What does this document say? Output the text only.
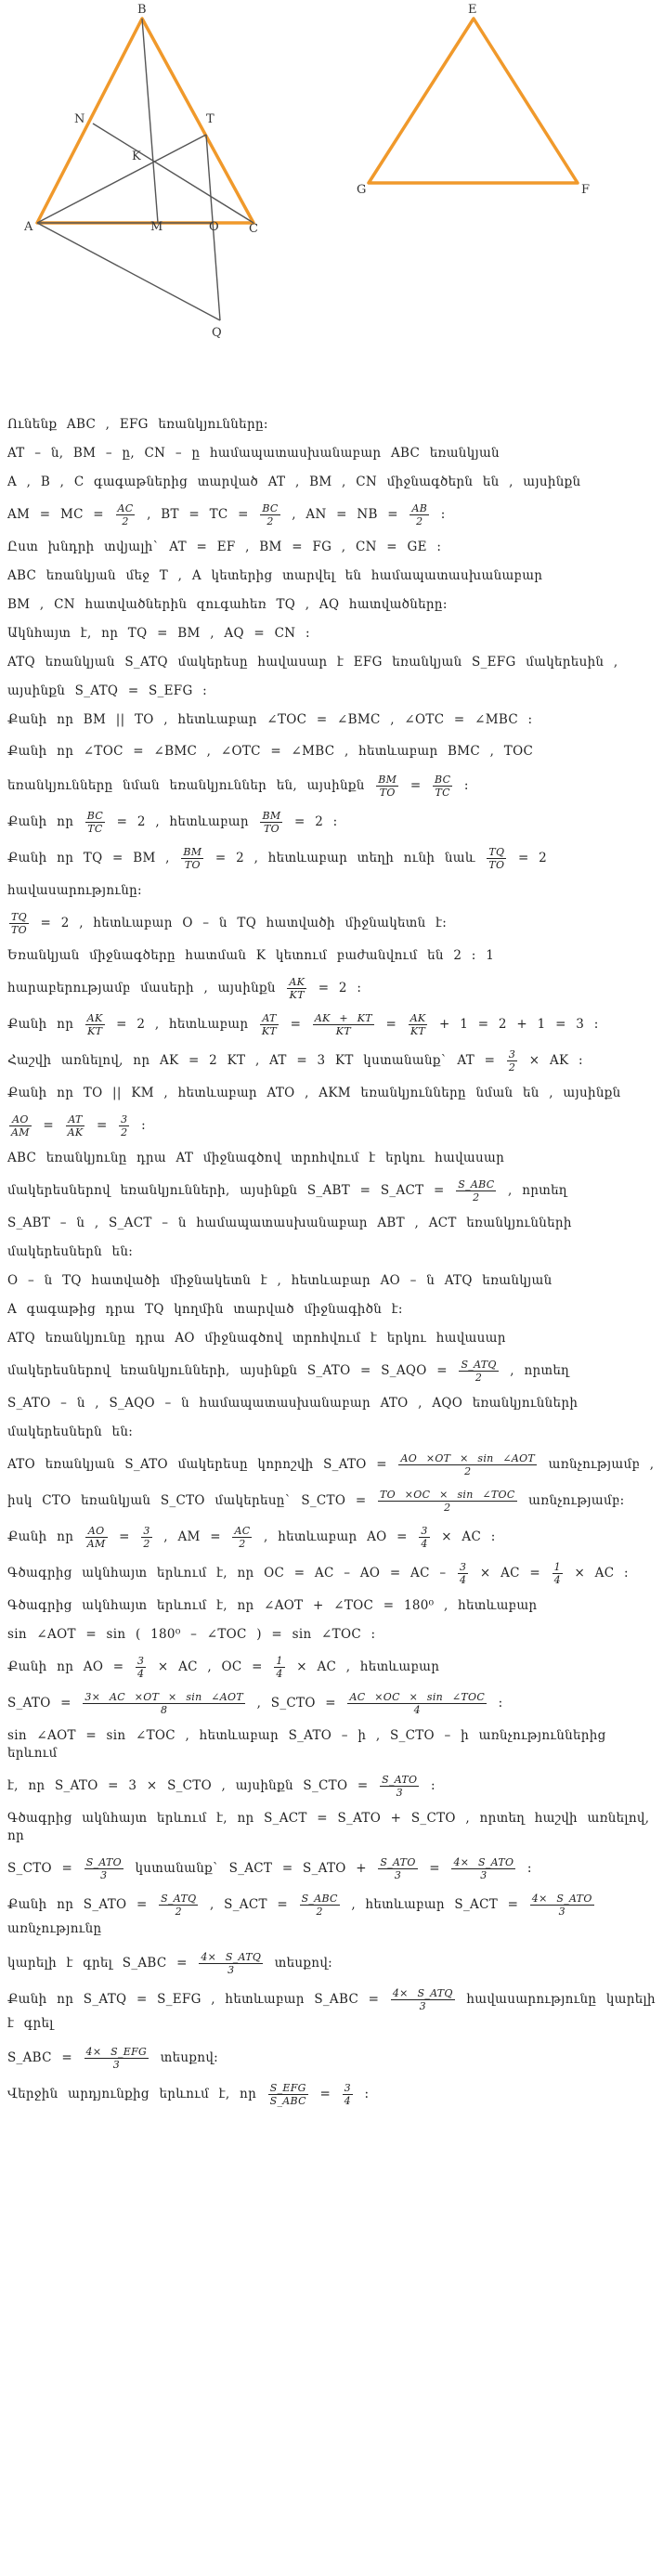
B
N	T
K
A	M	O C
Q
E
G	F
Ունենք ABC , EFG եռանկյունները:
AT – ն, BM – ը, CN – ը համապատասխանաբար ABC եռանկյան
A , B , C գագաթներից տարված AT , BM , CN միջնագծերն են , այսինքն
AM = MC = $\frac{AC}{2}$ , BT = TC = $\frac{BC}{2}$ , AN = NB = $\frac{AB}{2}$ :
Ըստ խնդրի տվյալի` AT = EF , BM = FG , CN = GE :
ABC եռանկյան մեջ T , A կետերից տարվել են համապատասխանաբար
BM , CN հատվածներին զուգահեռ TQ , AQ հատվածները:
Ակնհայտ է, որ TQ = BM , AQ = CN :
ATQ եռանկյան S_ATQ մակերեսը հավասար է EFG եռանկյան S_EFG մակերեսին ,
այսինքն S_ATQ = S_EFG :
Քանի որ BM || TO , հետևաբար ∠TOC = ∠BMC , ∠OTC = ∠MBC :
Քանի որ ∠TOC = ∠BMC , ∠OTC = ∠MBC , հետևաբար BMC , TOC
եռանկյունները նման եռանկյուններ են, այսինքն $\frac{BM}{TO} = \frac{BC}{TC}$ :
Քանի որ $\frac{BC}{TC} = 2$ , հետևաբար $\frac{BM}{TO} = 2$ :
Քանի որ TQ = BM , $\frac{BM}{TO} = 2$ , հետևաբար տեղի ունի նաև $\frac{TQ}{TO} = 2$
հավասարությունը:
$\frac{TQ}{TO} = 2$ , հետևաբար O – ն TQ հատվածի միջնակետն է:
Եռանկյան միջնագծերը հատման K կետում բաժանվում են 2 : 1
հարաբերությամբ մասերի , այսինքն $\frac{AK}{KT} = 2$ :
Քանի որ $\frac{AK}{KT} = 2$ , հետևաբար $\frac{AT}{KT} = \frac{AK + KT}{KT} = \frac{AK}{KT} + 1 = 2 + 1 = 3$ :
Հաշվի առնելով, որ AK = 2 KT , AT = 3 KT կստանանք` AT = $\frac{3}{2}$ × AK :
Քանի որ TO || KM , հետևաբար ATO , AKM եռանկյունները նման են , այսինքն
$\frac{AO}{AM} = \frac{AT}{AK} = \frac{3}{2}$ :
ABC եռանկյունը դրա AT միջնագծով տրոհվում է երկու հավասար
մակերեսներով եռանկյունների, այսինքն S_ABT = S_ACT = $\frac{\text{S\_ABC}}{2}$ , որտեղ
S_ABT – ն , S_ACT – ն համապատասխանաբար ABT , ACT եռանկյունների
մակերեսներն են:
O – ն TQ հատվածի միջնակետն է , հետևաբար AO – ն ATQ եռանկյան
A գագաթից դրա TQ կողմին տարված միջնագիծն է:
ATQ եռանկյունը դրա AO միջնագծով տրոհվում է երկու հավասար
մակերեսներով եռանկյունների, այսինքն S_ATO = S_AQO = $\frac{\text{S\_ATQ}}{2}$ , որտեղ
S_ATO – ն , S_AQO – ն համապատասխանաբար ATO , AQO եռանկյունների
մակերեսներն են:
ATO եռանկյան S_ATO մակերեսը կորոշվի S_ATO = $\frac{\text{AO ×OT × sin ∠AOT}}{2}$ առնչությամբ ,
իսկ CTO եռանկյան S_CTO մակերեսը` S_CTO = $\frac{\text{TO ×OC × sin ∠TOC}}{2}$ առնչությամբ:
Քանի որ $\frac{AO}{AM} = \frac{3}{2}$ , AM = $\frac{AC}{2}$ , հետևաբար AO = $\frac{3}{4}$ × AC :
Գծագրից ակնհայտ երևում է, որ OC = AC – AO = AC – $\frac{3}{4}$ × AC = $\frac{1}{4}$ × AC :
Գծագրից ակնհայտ երևում է, որ ∠AOT + ∠TOC = 180⁰ , հետևաբար
sin ∠AOT = sin ( 180⁰ – ∠TOC ) = sin ∠TOC :
Քանի որ AO = $\frac{3}{4}$ × AC , OC = $\frac{1}{4}$ × AC , հետևաբար
S_ATO = $\frac{\text{3× AC ×OT × sin ∠AOT}}{8}$ , S_CTO = $\frac{\text{AC ×OC × sin ∠TOC}}{4}$ :
sin ∠AOT = sin ∠TOC , հետևաբար S_ATO – ի , S_CTO – ի առնչություններից երևում
է, որ S_ATO = 3 × S_CTO , այսինքն S_CTO = $\frac{\text{S\_ATO}}{3}$ :
Գծագրից ակնհայտ երևում է, որ S_ACT = S_ATO + S_CTO , որտեղ հաշվի առնելով, որ
S_CTO = $\frac{\text{S\_ATO}}{3}$ կստանանք` S_ACT = S_ATO + $\frac{\text{S\_ATO}}{3} = \frac{\text{4× S\_ATO}}{3}$ :
Քանի որ S_ATO = $\frac{\text{S\_ATQ}}{2}$ , S_ACT = $\frac{\text{S\_ABC}}{2}$ , հետևաբար S_ACT = $\frac{\text{4× S\_ATO}}{3}$
առնչությունը
կարելի է գրել S_ABC = $\frac{\text{4× S\_ATQ}}{3}$ տեսքով:
Քանի որ S_ATQ = S_EFG , հետևաբար S_ABC = $\frac{\text{4× S\_ATQ}}{3}$ հավասարությունը կարելի է գրել
S_ABC = $\frac{\text{4× S\_EFG}}{3}$ տեսքով:
Վերջին արդյունքից երևում է, որ $\frac{\text{S\_EFG}}{\text{S\_ABC}} = \frac{3}{4}$ :
